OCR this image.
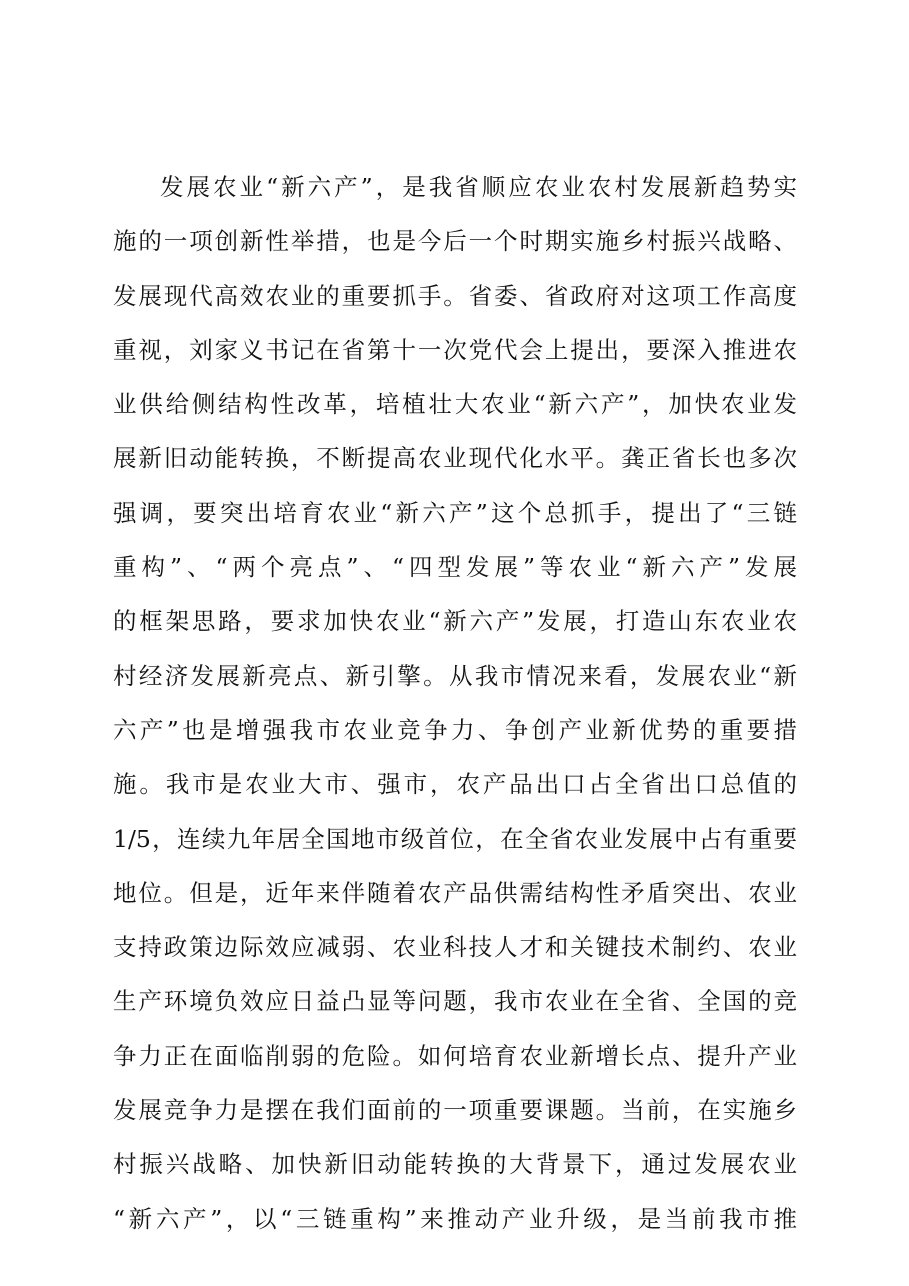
发展农业“新六产”，是我省顺应农业农村发展新趋势实
施的一项创新性举措，也是今后一个时期实施乡村振兴战略、
发展现代高效农业的重要抓手。省委、省政府对这项工作高度
重视，刘家义书记在省第十一次党代会上提出，要深入推进农
业供给侧结构性改革，培植壮大农业“新六产”，加快农业发
展新旧动能转换，不断提高农业现代化水平。龚正省长也多次
强调，要突出培育农业“新六产”这个总抓手，提出了“三链
重构”、“两个亮点”、“四型发展”等农业“新六产”发展
的框架思路，要求加快农业“新六产”发展，打造山东农业农
村经济发展新亮点、新引擎。从我市情况来看，发展农业“新
六产”也是增强我市农业竞争力、争创产业新优势的重要措
施。我市是农业大市、强市，农产品出口占全省出口总值的
1/5，连续九年居全国地市级首位，在全省农业发展中占有重要
地位。但是，近年来伴随着农产品供需结构性矛盾突出、农业
支持政策边际效应减弱、农业科技人才和关键技术制约、农业
生产环境负效应日益凸显等问题，我市农业在全省、全国的竞
争力正在面临削弱的危险。如何培育农业新增长点、提升产业
发展竞争力是摆在我们面前的一项重要课题。当前，在实施乡
村振兴战略、加快新旧动能转换的大背景下，通过发展农业
“新六产”，以“三链重构”来推动产业升级，是当前我市推
